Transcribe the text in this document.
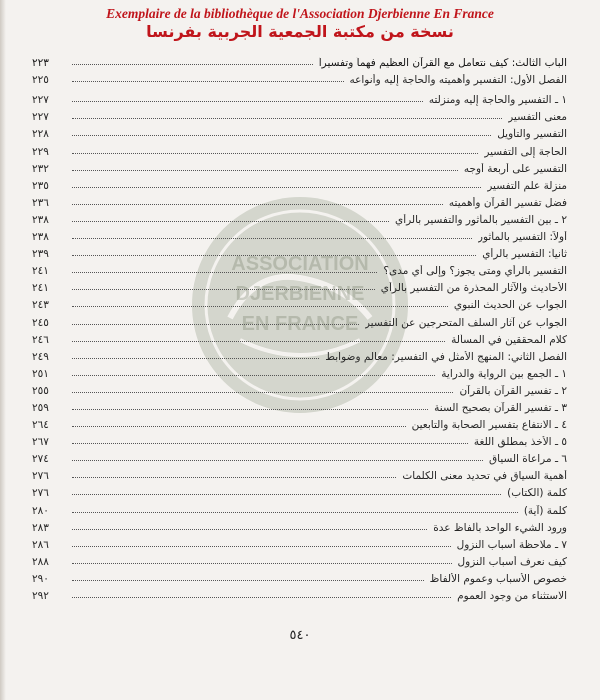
Exemplaire de la bibliothèque de l'Association Djerbienne En France
نسخة من مكتبة الجمعية الجربية بفرنسا
ASSOCIATION
DJERBIENNE
EN FRANCE
الباب الثالث: كيف نتعامل مع القرآن العظيم فهماً وتفسيراً
٢٢٣
الفصل الأول: التفسير وأهميته والحاجة إليه وأنواعه
٢٢٥
١ ـ التفسير والحاجة إليه ومنزلته
٢٢٧
معنى التفسير
٢٢٧
التفسير والتأويل
٢٢٨
الحاجة إلى التفسير
٢٢٩
التفسير على أربعة أوجه
٢٣٢
منزلة علم التفسير
٢٣٥
فضل تفسير القرآن وأهميته
٢٣٦
٢ ـ بين التفسير بالمأثور والتفسير بالرأي
٢٣٨
أولاً: التفسير بالمأثور
٢٣٨
ثانياً: التفسير بالرأي
٢٣٩
التفسير بالرأي ومتى يجوز؟ وإلى أي مدى؟
٢٤١
الأحاديث والآثار المحذرة من التفسير بالرأي
٢٤١
الجواب عن الحديث النبوي
٢٤٣
الجواب عن آثار السلف المتحرجين عن التفسير
٢٤٥
كلام المحققين في المسألة
٢٤٦
الفصل الثاني: المنهج الأمثل في التفسير: معالم وضوابط
٢٤٩
١ ـ الجمع بين الرواية والدراية
٢٥١
٢ ـ تفسير القرآن بالقرآن
٢٥٥
٣ ـ تفسير القرآن بصحيح السنة
٢٥٩
٤ ـ الانتفاع بتفسير الصحابة والتابعين
٢٦٤
٥ ـ الأخذ بمطلق اللغة
٢٦٧
٦ ـ مراعاة السياق
٢٧٤
أهمية السياق في تحديد معنى الكلمات
٢٧٦
كلمة (الكتاب)
٢٧٦
كلمة (آية)
٢٨٠
ورود الشيء الواحد بألفاظ عدة
٢٨٣
٧ ـ ملاحظة أسباب النزول
٢٨٦
كيف نعرف أسباب النزول
٢٨٨
خصوص الأسباب وعموم الألفاظ
٢٩٠
الاستثناء من وجود العموم
٢٩٢
٥٤٠
